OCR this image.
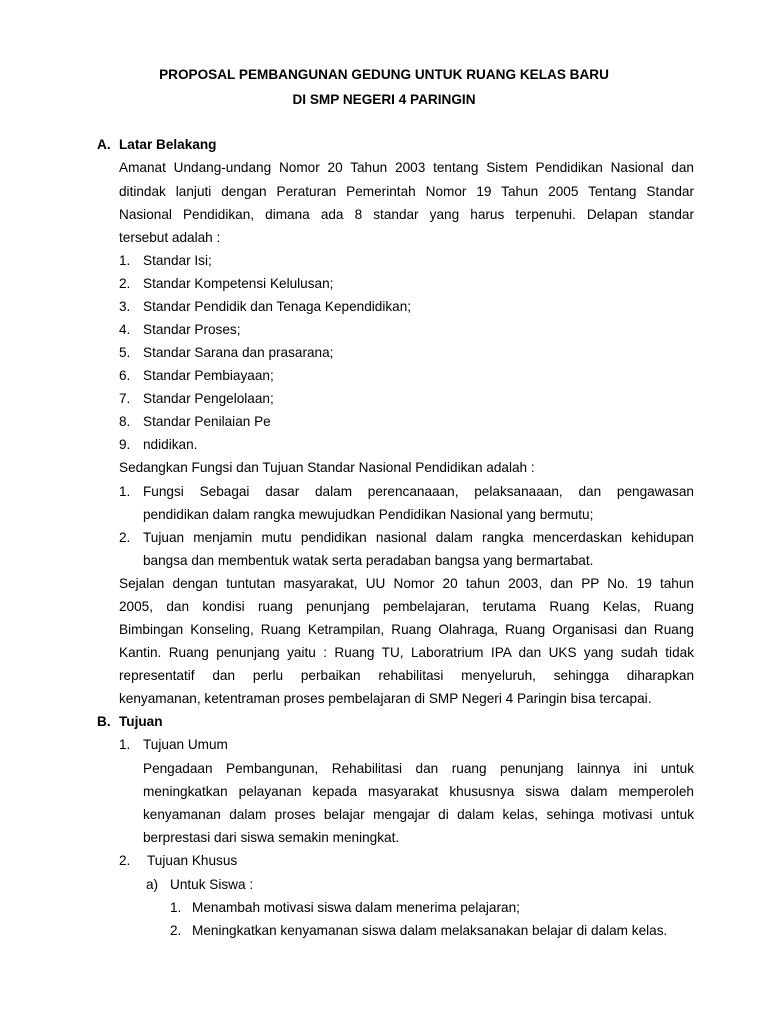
PROPOSAL PEMBANGUNAN GEDUNG UNTUK RUANG KELAS BARU
DI SMP NEGERI 4 PARINGIN
A. Latar Belakang
Amanat Undang-undang Nomor 20 Tahun 2003 tentang Sistem Pendidikan Nasional dan
ditindak lanjuti dengan Peraturan Pemerintah Nomor 19 Tahun 2005 Tentang Standar
Nasional Pendidikan, dimana ada 8 standar yang harus terpenuhi. Delapan standar
tersebut adalah :
1. Standar Isi;
2. Standar Kompetensi Kelulusan;
3. Standar Pendidik dan Tenaga Kependidikan;
4. Standar Proses;
5. Standar Sarana dan prasarana;
6. Standar Pembiayaan;
7. Standar Pengelolaan;
8. Standar Penilaian Pe
9. ndidikan.
Sedangkan Fungsi dan Tujuan Standar Nasional Pendidikan adalah :
1. Fungsi Sebagai dasar dalam perencanaaan, pelaksanaaan, dan pengawasan
pendidikan dalam rangka mewujudkan Pendidikan Nasional yang bermutu;
2. Tujuan menjamin mutu pendidikan nasional dalam rangka mencerdaskan kehidupan
bangsa dan membentuk watak serta peradaban bangsa yang bermartabat.
Sejalan dengan tuntutan masyarakat, UU Nomor 20 tahun 2003, dan PP No. 19 tahun
2005, dan kondisi ruang penunjang pembelajaran, terutama Ruang Kelas, Ruang
Bimbingan Konseling, Ruang Ketrampilan, Ruang Olahraga, Ruang Organisasi dan Ruang
Kantin. Ruang penunjang yaitu : Ruang TU, Laboratrium IPA dan UKS yang sudah tidak
representatif dan perlu perbaikan rehabilitasi menyeluruh, sehingga diharapkan
kenyamanan, ketentraman proses pembelajaran di SMP Negeri 4 Paringin bisa tercapai.
B. Tujuan
1. Tujuan Umum
Pengadaan Pembangunan, Rehabilitasi dan ruang penunjang lainnya ini untuk
meningkatkan pelayanan kepada masyarakat khususnya siswa dalam memperoleh
kenyamanan dalam proses belajar mengajar di dalam kelas, sehinga motivasi untuk
berprestasi dari siswa semakin meningkat.
2. Tujuan Khusus
a) Untuk Siswa :
1. Menambah motivasi siswa dalam menerima pelajaran;
2. Meningkatkan kenyamanan siswa dalam melaksanakan belajar di dalam kelas.
